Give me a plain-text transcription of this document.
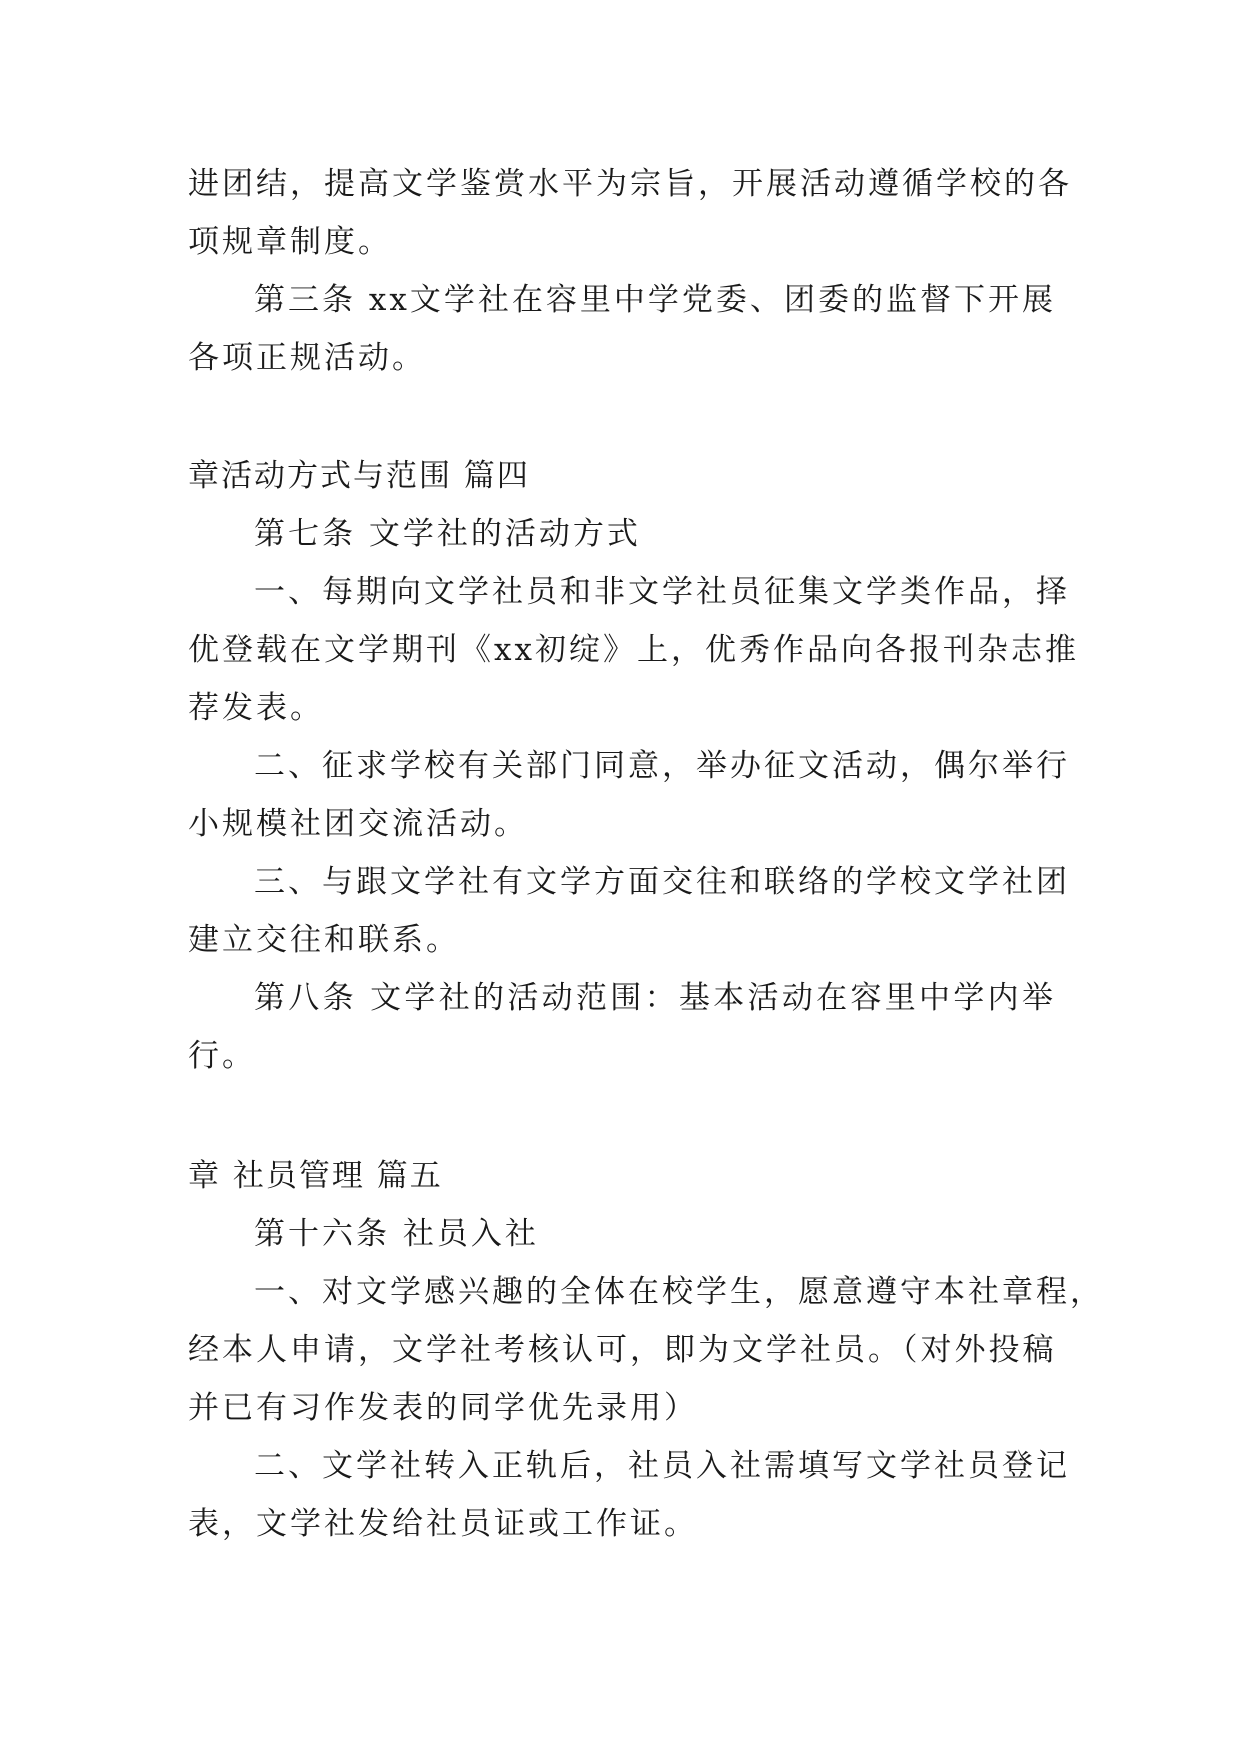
进团结，提高文学鉴赏水平为宗旨，开展活动遵循学校的各
项规章制度。
第三条 xx文学社在容里中学党委、团委的监督下开展
各项正规活动。
章活动方式与范围 篇四
第七条 文学社的活动方式
一、每期向文学社员和非文学社员征集文学类作品，择
优登载在文学期刊《xx初绽》上，优秀作品向各报刊杂志推
荐发表。
二、征求学校有关部门同意，举办征文活动，偶尔举行
小规模社团交流活动。
三、与跟文学社有文学方面交往和联络的学校文学社团
建立交往和联系。
第八条 文学社的活动范围：基本活动在容里中学内举
行。
章 社员管理 篇五
第十六条 社员入社
一、对文学感兴趣的全体在校学生，愿意遵守本社章程，
经本人申请，文学社考核认可，即为文学社员。（对外投稿
并已有习作发表的同学优先录用）
二、文学社转入正轨后，社员入社需填写文学社员登记
表，文学社发给社员证或工作证。
